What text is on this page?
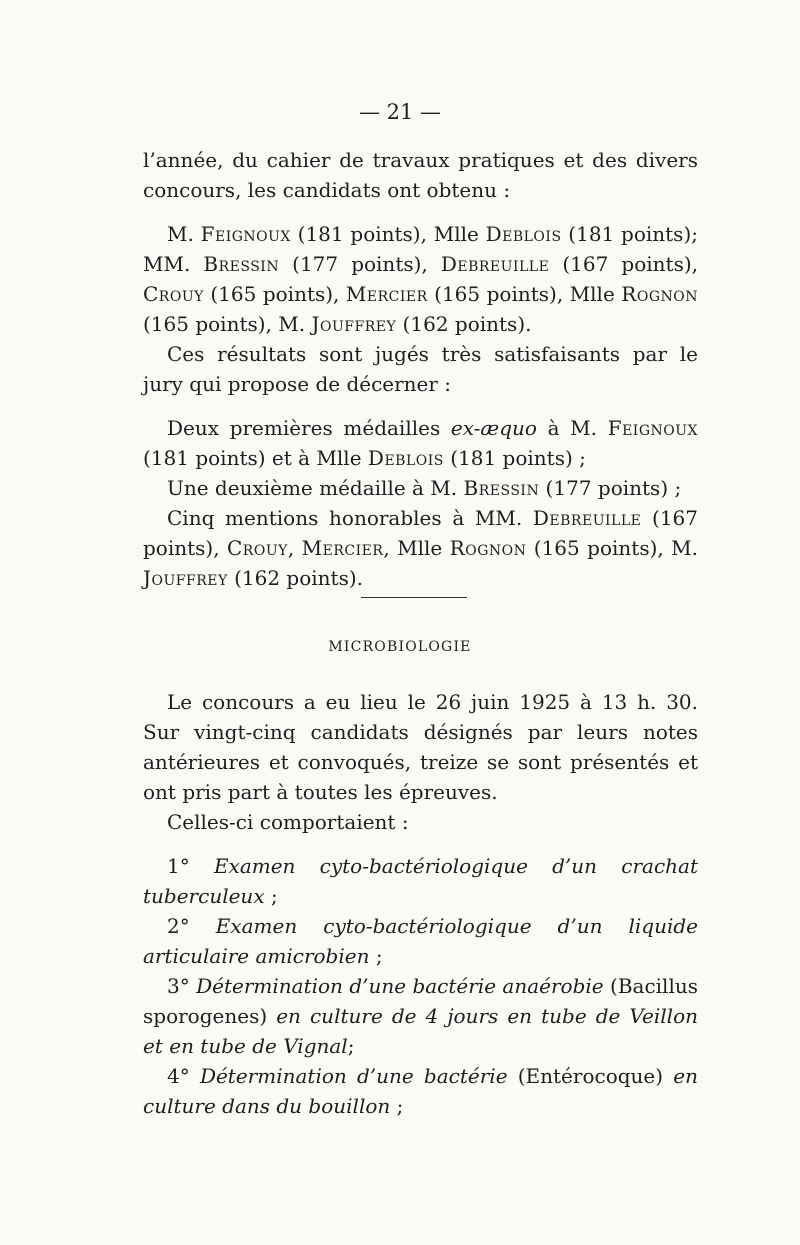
— 21 —

l’année, du cahier de travaux pratiques et des divers concours, les candidats ont obtenu :

M. Feignoux (181 points), Mlle Deblois (181 points); MM. Bressin (177 points), Debreuille (167 points), Crouy (165 points), Mercier (165 points), Mlle Rognon (165 points), M. Jouffrey (162 points).

Ces résultats sont jugés très satisfaisants par le jury qui propose de décerner :

Deux premières médailles ex-æquo à M. Feignoux (181 points) et à Mlle Deblois (181 points) ;

Une deuxième médaille à M. Bressin (177 points) ;

Cinq mentions honorables à MM. Debreuille (167 points), Crouy, Mercier, Mlle Rognon (165 points), M. Jouffrey (162 points).

MICROBIOLOGIE

Le concours a eu lieu le 26 juin 1925 à 13 h. 30. Sur vingt-cinq candidats désignés par leurs notes antérieures et convoqués, treize se sont présentés et ont pris part à toutes les épreuves.

Celles-ci comportaient :

1° Examen cyto-bactériologique d’un crachat tuberculeux ;

2° Examen cyto-bactériologique d’un liquide articulaire amicrobien ;

3° Détermination d’une bactérie anaérobie (Bacillus sporogenes) en culture de 4 jours en tube de Veillon et en tube de Vignal;

4° Détermination d’une bactérie (Entérocoque) en culture dans du bouillon ;
